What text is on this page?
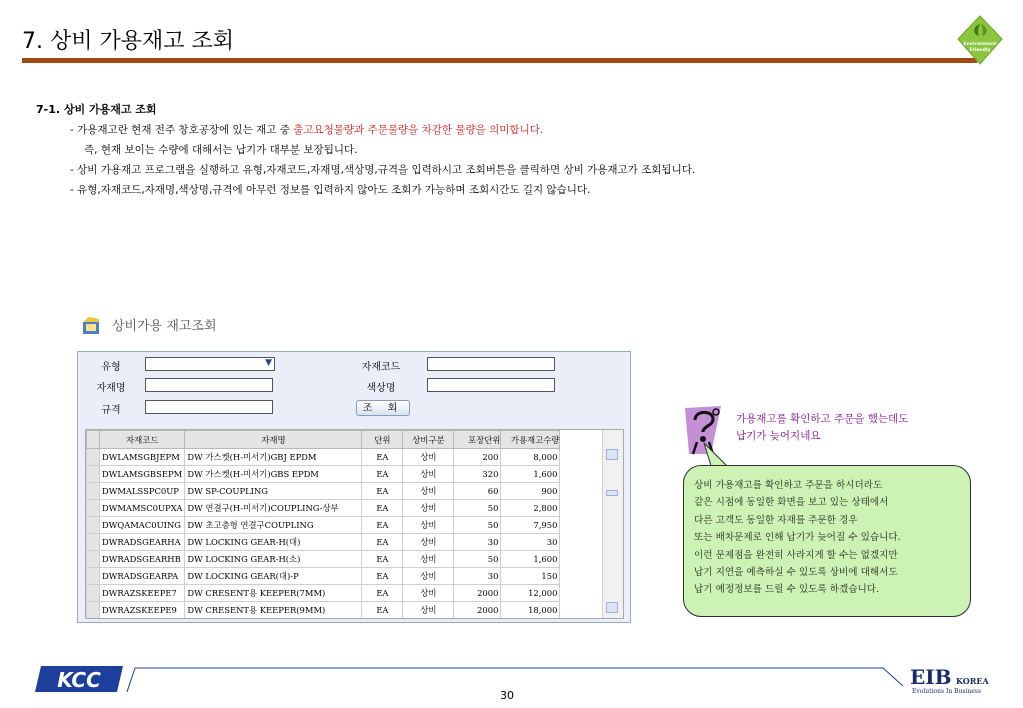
7. 상비 가용재고 조회	Environment
Friendly
7-1. 상비 가용재고 조회
- 가용재고란 현재 전주 창호공장에 있는 재고 중 출고요청물량과 주문물량을 차감한 물량을 의미합니다.
즉, 현재 보이는 수량에 대해서는 납기가 대부분 보장됩니다.
- 상비 가용재고 프로그램을 실행하고 유형,자재코드,자재명,색상명,규격을 입력하시고 조회버튼을 클릭하면 상비 가용재고가 조회됩니다.
- 유형,자재코드,자재명,색상명,규격에 아무런 정보를 입력하지 않아도 조회가 가능하며 조회시간도 길지 않습니다.
상비가용 재고조회
유형	▼	자재코드
자재명	색상명
규격	조 회
	자재코드	자재명	단위	상비구분	포장단위	가용재고수량
	DWLAMSGBJEPM	DW 가스켓(H-미서기)GBJ EPDM	EA	상비	200	8,000
	DWLAMSGBSEPM	DW 가스켓(H-미서기)GBS EPDM	EA	상비	320	1,600
	DWMALSSPC0UP	DW SP-COUPLING	EA	상비	60	900
	DWMAMSC0UPXA	DW 연결구(H-미서기)COUPLING-상부	EA	상비	50	2,800
	DWQAMAC0UING	DW 초고층형 연결구COUPLING	EA	상비	50	7,950
	DWRADSGEARHA	DW LOCKING GEAR-H(대)	EA	상비	30	30
	DWRADSGEARHB	DW LOCKING GEAR-H(소)	EA	상비	50	1,600
	DWRADSGEARPA	DW LOCKING GEAR(대)-P	EA	상비	30	150
	DWRAZSKEEPE7	DW CRESENT용 KEEPER(7MM)	EA	상비	2000	12,000
	DWRAZSKEEPE9	DW CRESENT용 KEEPER(9MM)	EA	상비	2000	18,000
가용재고를 확인하고 주문을 했는데도
납기가 늦어지네요
상비 가용재고를 확인하고 주문을 하시더라도
같은 시점에 동일한 화면을 보고 있는 상태에서
다른 고객도 동일한 자재를 주문한 경우
또는 배차문제로 인해 납기가 늦어질 수 있습니다.
이런 문제점을 완전히 사라지게 할 수는 없겠지만
납기 지연을 예측하실 수 있도록 상비에 대해서도
납기 예정정보를 드릴 수 있도록 하겠습니다.
KCC
30
EIB KOREA
Evolutions In Business
